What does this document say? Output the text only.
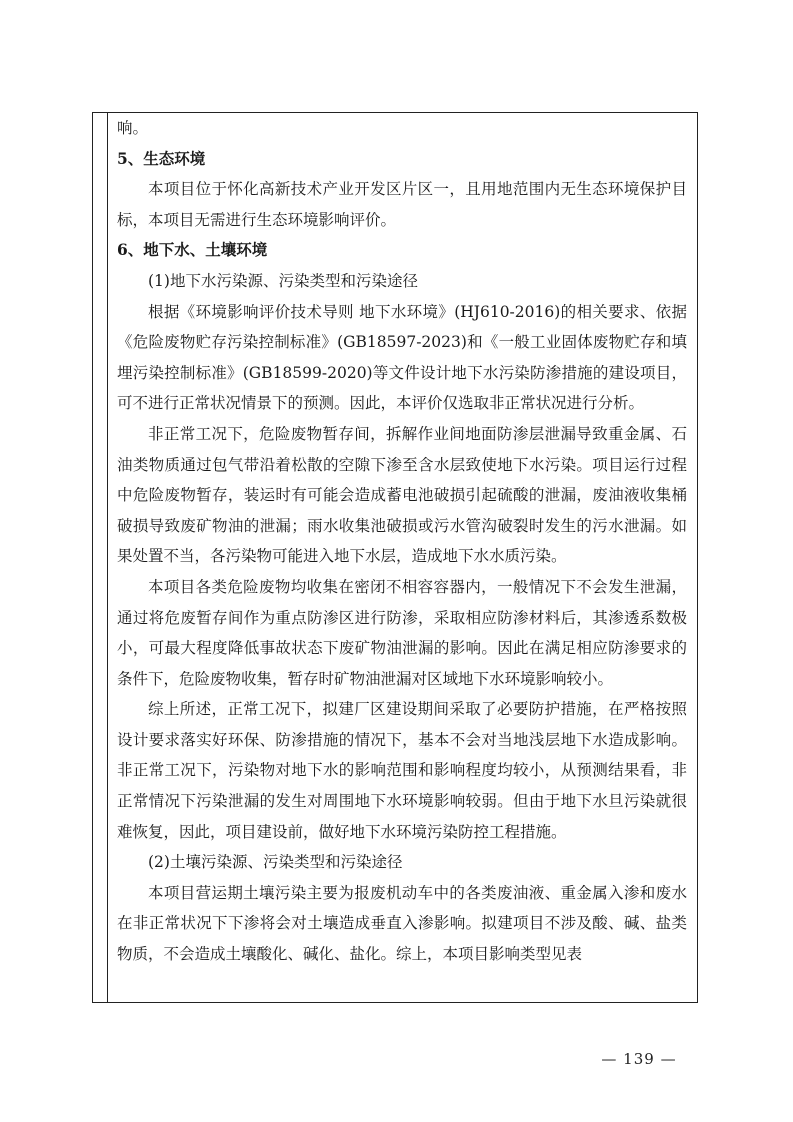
响。

5、生态环境

本项目位于怀化高新技术产业开发区片区一，且用地范围内无生态环境保护目标，本项目无需进行生态环境影响评价。

6、地下水、土壤环境

(1)地下水污染源、污染类型和污染途径

根据《环境影响评价技术导则 地下水环境》(HJ610-2016)的相关要求、依据《危险废物贮存污染控制标准》(GB18597-2023)和《一般工业固体废物贮存和填埋污染控制标准》(GB18599-2020)等文件设计地下水污染防渗措施的建设项目，可不进行正常状况情景下的预测。因此，本评价仅选取非正常状况进行分析。

非正常工况下，危险废物暂存间，拆解作业间地面防渗层泄漏导致重金属、石油类物质通过包气带沿着松散的空隙下渗至含水层致使地下水污染。项目运行过程中危险废物暂存，装运时有可能会造成蓄电池破损引起硫酸的泄漏，废油液收集桶破损导致废矿物油的泄漏；雨水收集池破损或污水管沟破裂时发生的污水泄漏。如果处置不当，各污染物可能进入地下水层，造成地下水水质污染。

本项目各类危险废物均收集在密闭不相容容器内，一般情况下不会发生泄漏，通过将危废暂存间作为重点防渗区进行防渗，采取相应防渗材料后，其渗透系数极小，可最大程度降低事故状态下废矿物油泄漏的影响。因此在满足相应防渗要求的条件下，危险废物收集，暂存时矿物油泄漏对区域地下水环境影响较小。

综上所述，正常工况下，拟建厂区建设期间采取了必要防护措施，在严格按照设计要求落实好环保、防渗措施的情况下，基本不会对当地浅层地下水造成影响。非正常工况下，污染物对地下水的影响范围和影响程度均较小，从预测结果看，非正常情况下污染泄漏的发生对周围地下水环境影响较弱。但由于地下水旦污染就很难恢复，因此，项目建设前，做好地下水环境污染防控工程措施。

(2)土壤污染源、污染类型和污染途径

本项目营运期土壤污染主要为报废机动车中的各类废油液、重金属入渗和废水在非正常状况下下渗将会对土壤造成垂直入渗影响。拟建项目不涉及酸、碱、盐类物质，不会造成土壤酸化、碱化、盐化。综上，本项目影响类型见表

— 139 —
